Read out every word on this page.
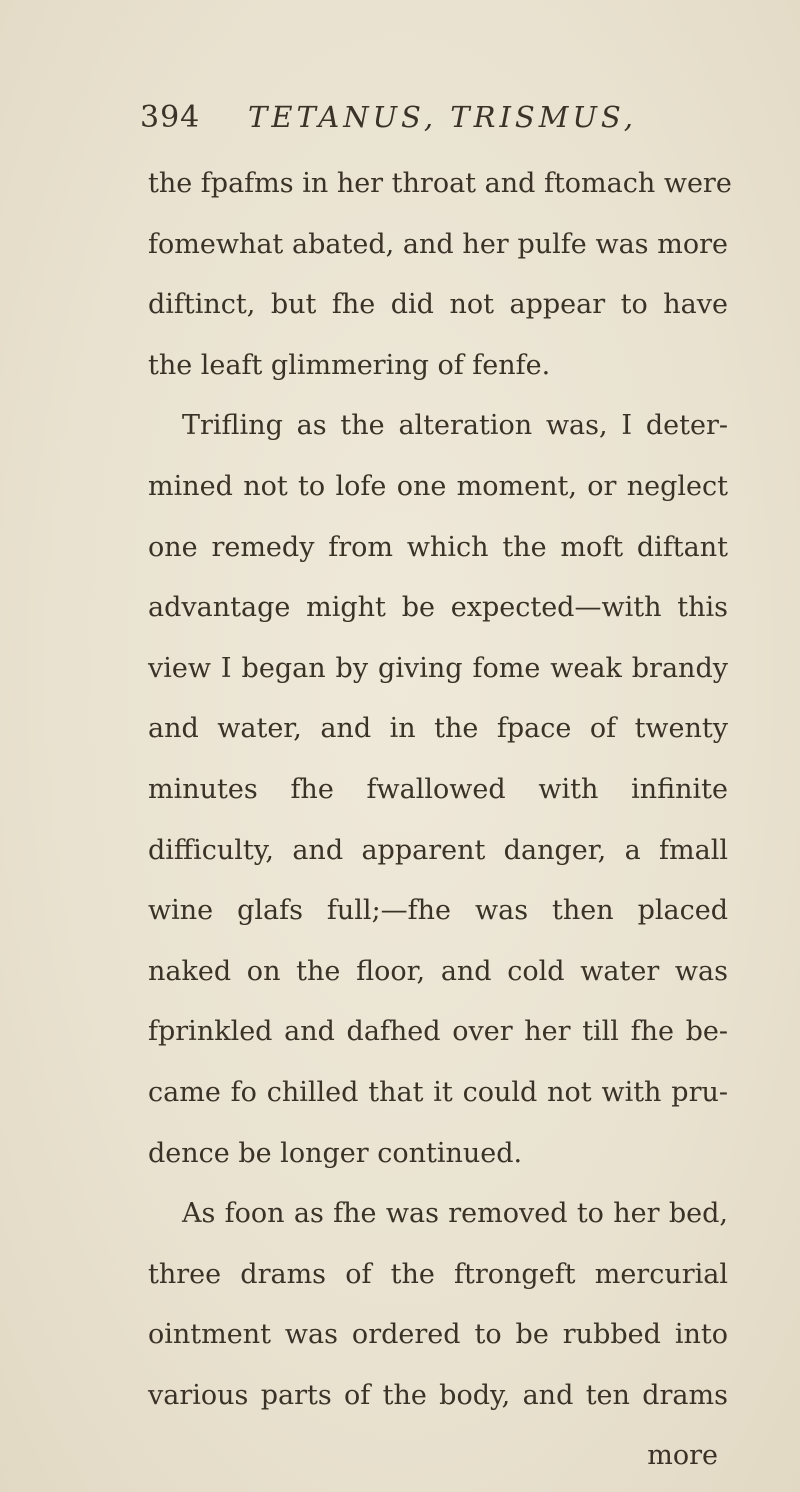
394 TETANUS, TRISMUS,
the fpafms in her throat and ftomach were
fomewhat abated, and her pulfe was more
diftinct, but fhe did not appear to have
the leaft glimmering of fenfe.
Trifling as the alteration was, I deter-
mined not to lofe one moment, or neglect
one remedy from which the moft diftant
advantage might be expected—with this
view I began by giving fome weak brandy
and water, and in the fpace of twenty
minutes fhe fwallowed with infinite
difficulty, and apparent danger, a fmall
wine glafs full;—fhe was then placed
naked on the floor, and cold water was
fprinkled and dafhed over her till fhe be-
came fo chilled that it could not with pru-
dence be longer continued.
As foon as fhe was removed to her bed,
three drams of the ftrongeft mercurial
ointment was ordered to be rubbed into
various parts of the body, and ten drams
more
